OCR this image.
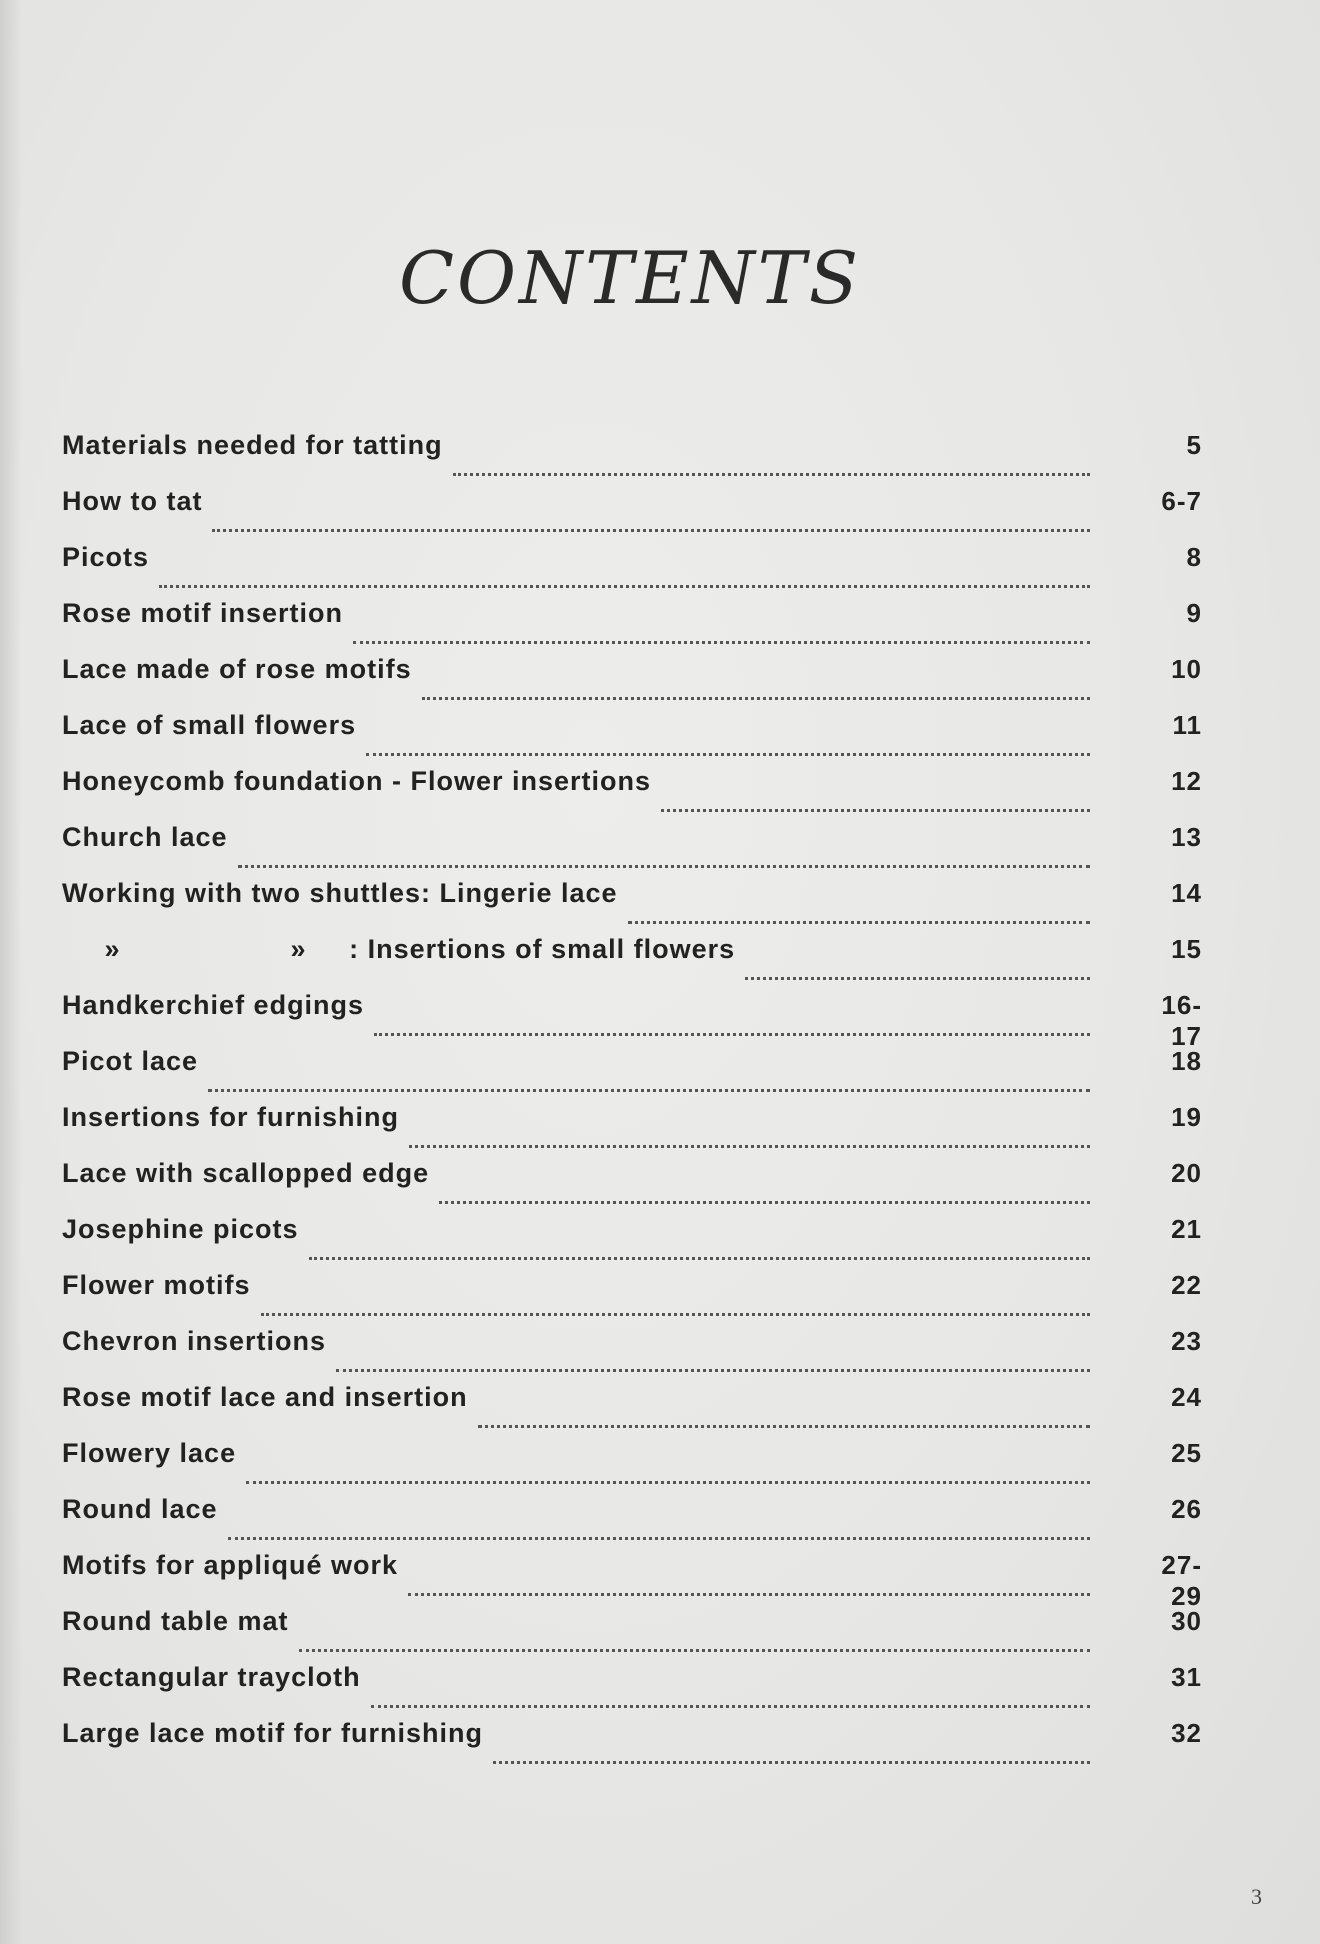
CONTENTS
Materials needed for tatting	5
How to tat	6-7
Picots	8
Rose motif insertion	9
Lace made of rose motifs	10
Lace of small flowers	11
Honeycomb foundation - Flower insertions	12
Church lace	13
Working with two shuttles: Lingerie lace	14
»                    »     : Insertions of small flowers	15
Handkerchief edgings	16-17
Picot lace	18
Insertions for furnishing	19
Lace with scallopped edge	20
Josephine picots	21
Flower motifs	22
Chevron insertions	23
Rose motif lace and insertion	24
Flowery lace	25
Round lace	26
Motifs for appliqué work	27-29
Round table mat	30
Rectangular traycloth	31
Large lace motif for furnishing	32
3
